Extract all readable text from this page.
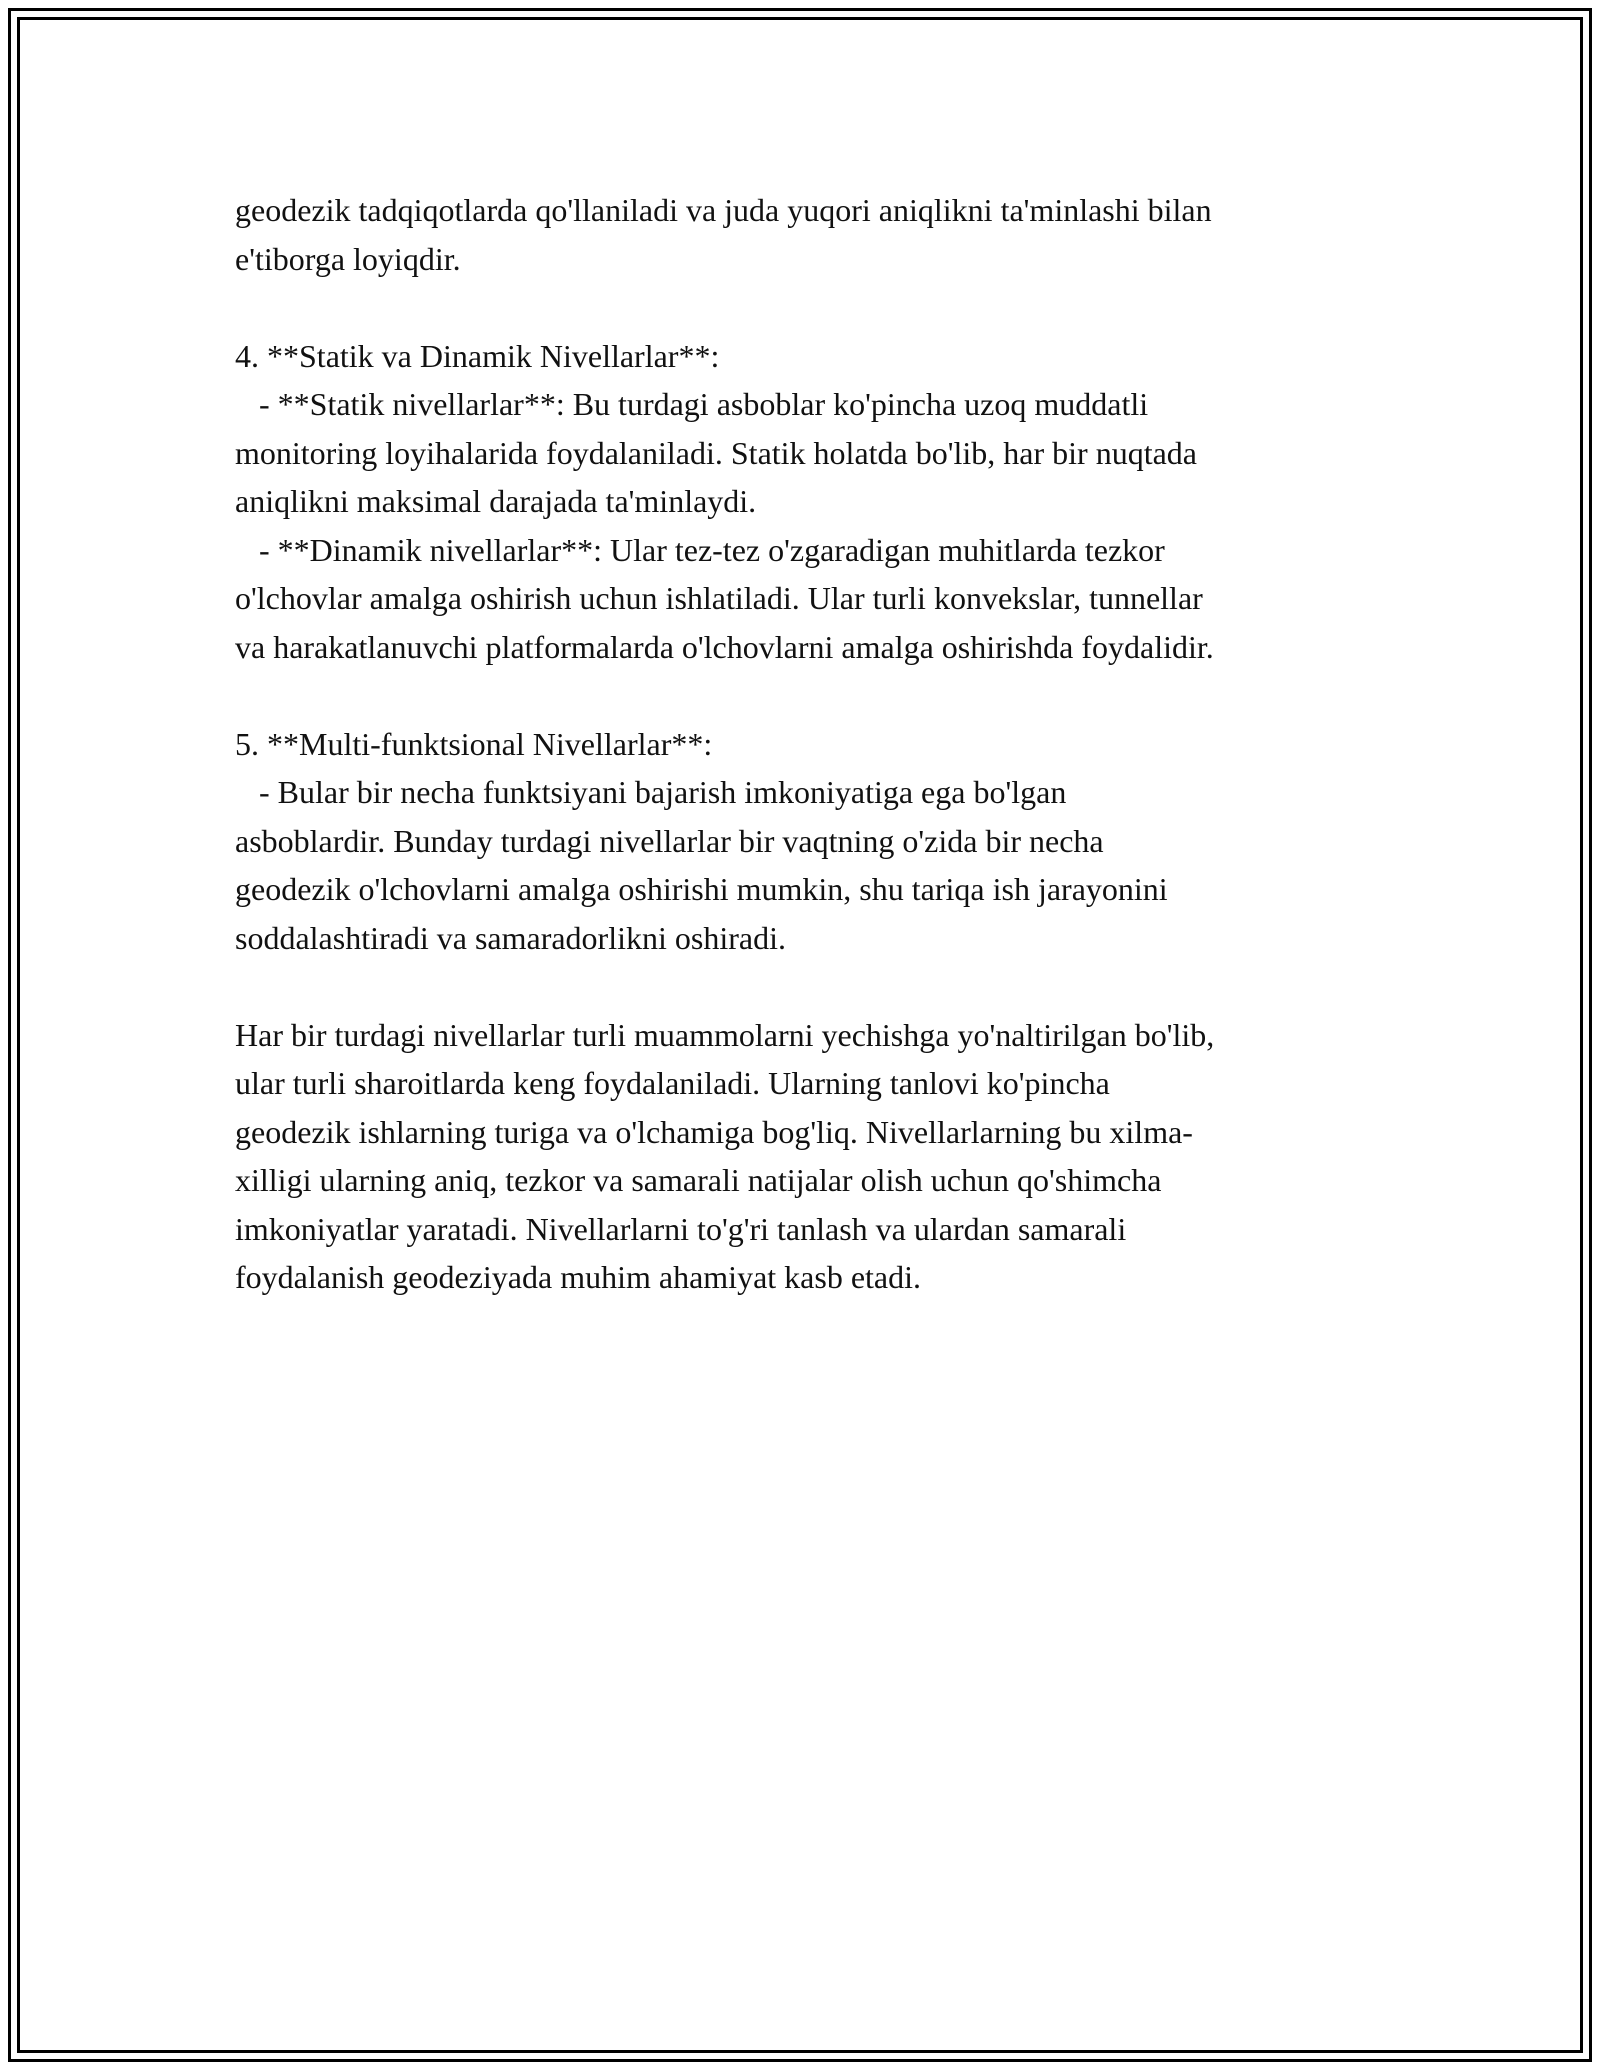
geodezik tadqiqotlarda qo'llaniladi va juda yuqori aniqlikni ta'minlashi bilan
e'tiborga loyiqdir.
4. **Statik va Dinamik Nivellarlar**:
- **Statik nivellarlar**: Bu turdagi asboblar ko'pincha uzoq muddatli
monitoring loyihalarida foydalaniladi. Statik holatda bo'lib, har bir nuqtada
aniqlikni maksimal darajada ta'minlaydi.
- **Dinamik nivellarlar**: Ular tez-tez o'zgaradigan muhitlarda tezkor
o'lchovlar amalga oshirish uchun ishlatiladi. Ular turli konvekslar, tunnellar
va harakatlanuvchi platformalarda o'lchovlarni amalga oshirishda foydalidir.
5. **Multi-funktsional Nivellarlar**:
- Bular bir necha funktsiyani bajarish imkoniyatiga ega bo'lgan
asboblardir. Bunday turdagi nivellarlar bir vaqtning o'zida bir necha
geodezik o'lchovlarni amalga oshirishi mumkin, shu tariqa ish jarayonini
soddalashtiradi va samaradorlikni oshiradi.
Har bir turdagi nivellarlar turli muammolarni yechishga yo'naltirilgan bo'lib,
ular turli sharoitlarda keng foydalaniladi. Ularning tanlovi ko'pincha
geodezik ishlarning turiga va o'lchamiga bog'liq. Nivellarlarning bu xilma-
xilligi ularning aniq, tezkor va samarali natijalar olish uchun qo'shimcha
imkoniyatlar yaratadi. Nivellarlarni to'g'ri tanlash va ulardan samarali
foydalanish geodeziyada muhim ahamiyat kasb etadi.
